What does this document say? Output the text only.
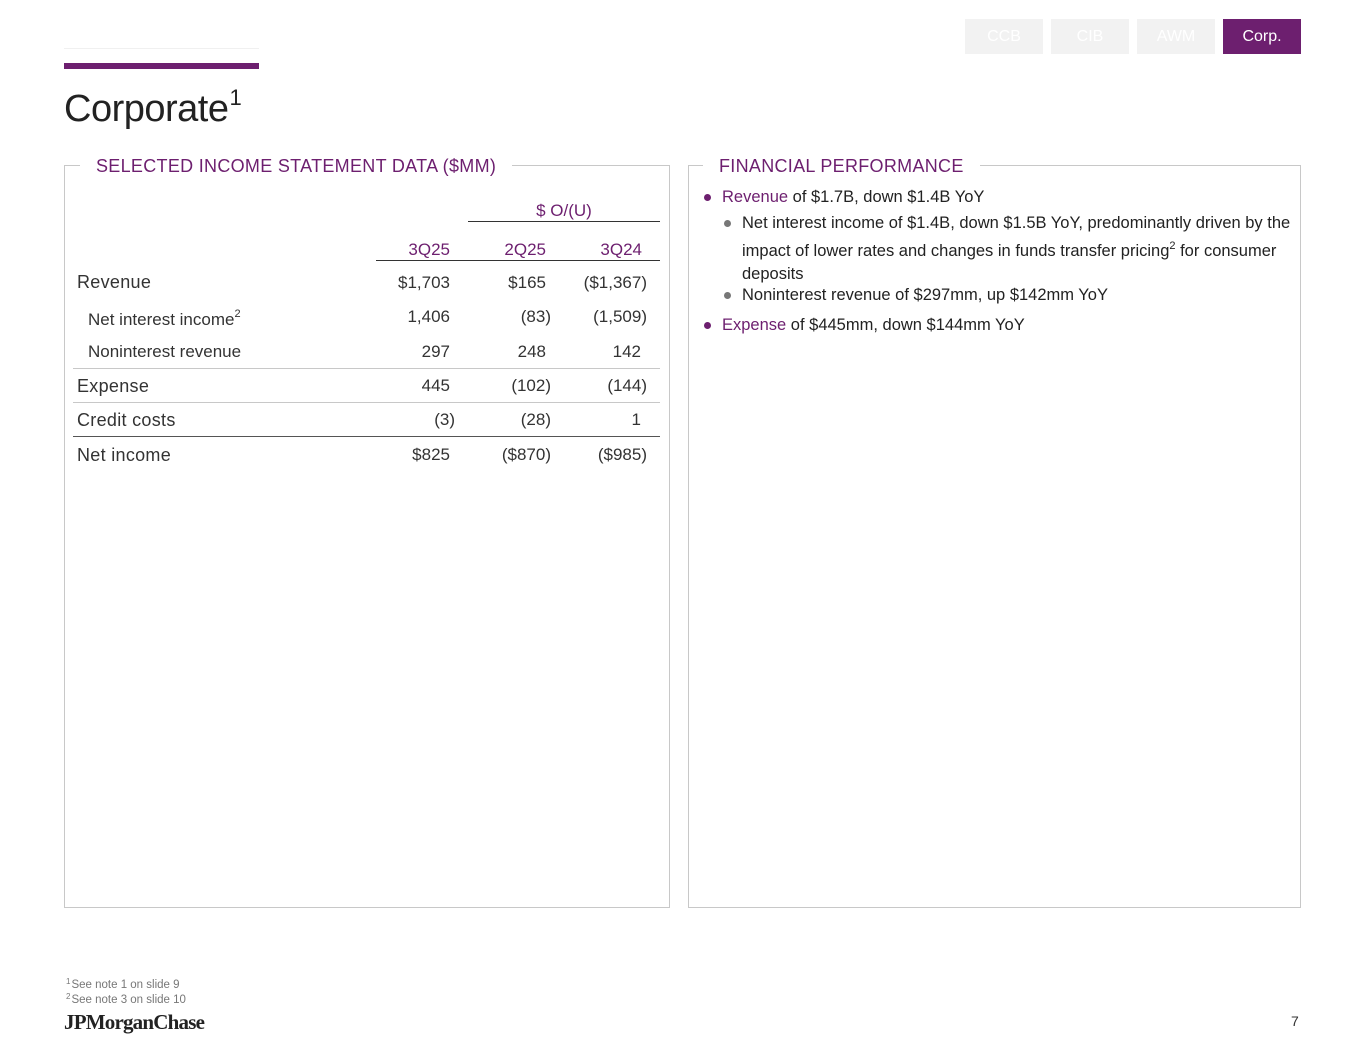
CCB	CIB	AWM	Corp.
Corporate$^1$
SELECTED INCOME STATEMENT DATA ($MM)
$ O/(U)
3Q25	2Q25	3Q24
Revenue	$1,703	$165	($1,367)
Net interest income$^2$	1,406	(83)	(1,509)
Noninterest revenue	297	248	142
Expense	445	(102)	(144)
Credit costs	(3)	(28)	1
Net income	$825	($870)	($985)
FINANCIAL PERFORMANCE
Revenue of $1.7B, down $1.4B YoY
Net interest income of $1.4B, down $1.5B YoY, predominantly driven by the impact of lower rates and changes in funds transfer pricing$^2$ for consumer deposits
Noninterest revenue of $297mm, up $142mm YoY
Expense of $445mm, down $144mm YoY
$^1$See note 1 on slide 9
$^2$See note 3 on slide 10
JPMorganChase	7
